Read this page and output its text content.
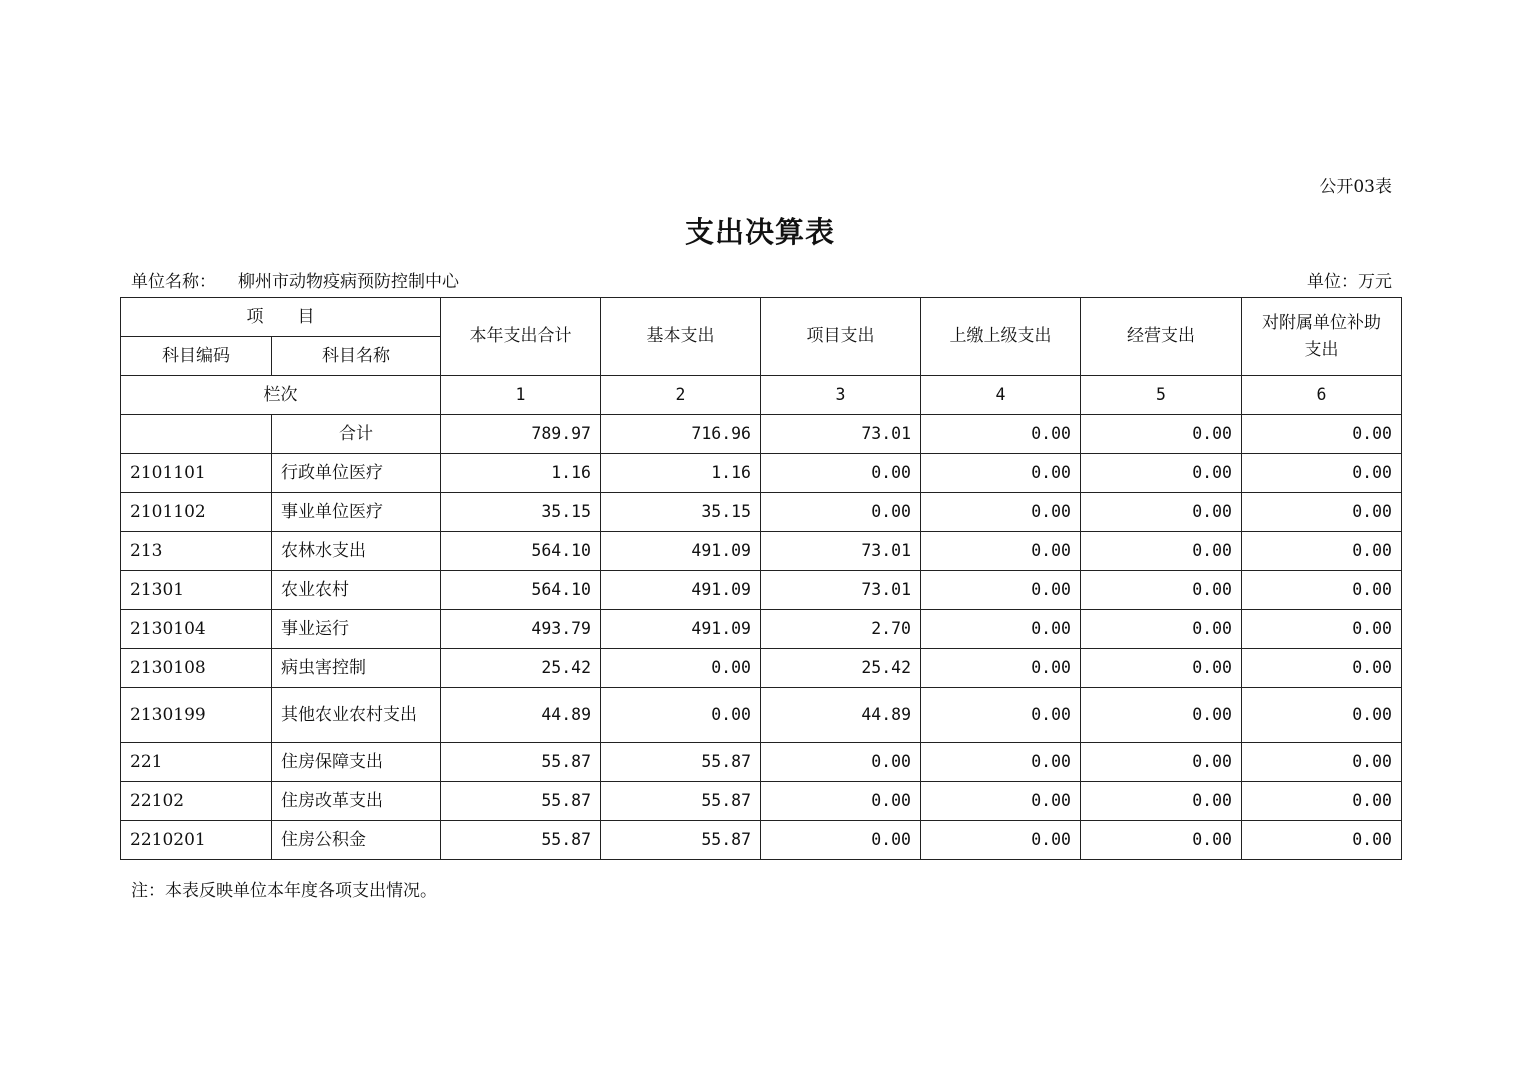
公开03表
支出决算表
单位名称： 柳州市动物疫病预防控制中心	单位：万元
项　　目		本年支出合计	基本支出	项目支出	上缴上级支出	经营支出	对附属单位补助支出
科目编码	科目名称						
栏次		1	2	3	4	5	6
	合计	789.97	716.96	73.01	0.00	0.00	0.00
2101101	行政单位医疗	1.16	1.16	0.00	0.00	0.00	0.00
2101102	事业单位医疗	35.15	35.15	0.00	0.00	0.00	0.00
213	农林水支出	564.10	491.09	73.01	0.00	0.00	0.00
21301	农业农村	564.10	491.09	73.01	0.00	0.00	0.00
2130104	事业运行	493.79	491.09	2.70	0.00	0.00	0.00
2130108	病虫害控制	25.42	0.00	25.42	0.00	0.00	0.00
2130199	其他农业农村支出	44.89	0.00	44.89	0.00	0.00	0.00
221	住房保障支出	55.87	55.87	0.00	0.00	0.00	0.00
22102	住房改革支出	55.87	55.87	0.00	0.00	0.00	0.00
2210201	住房公积金	55.87	55.87	0.00	0.00	0.00	0.00
注：本表反映单位本年度各项支出情况。
